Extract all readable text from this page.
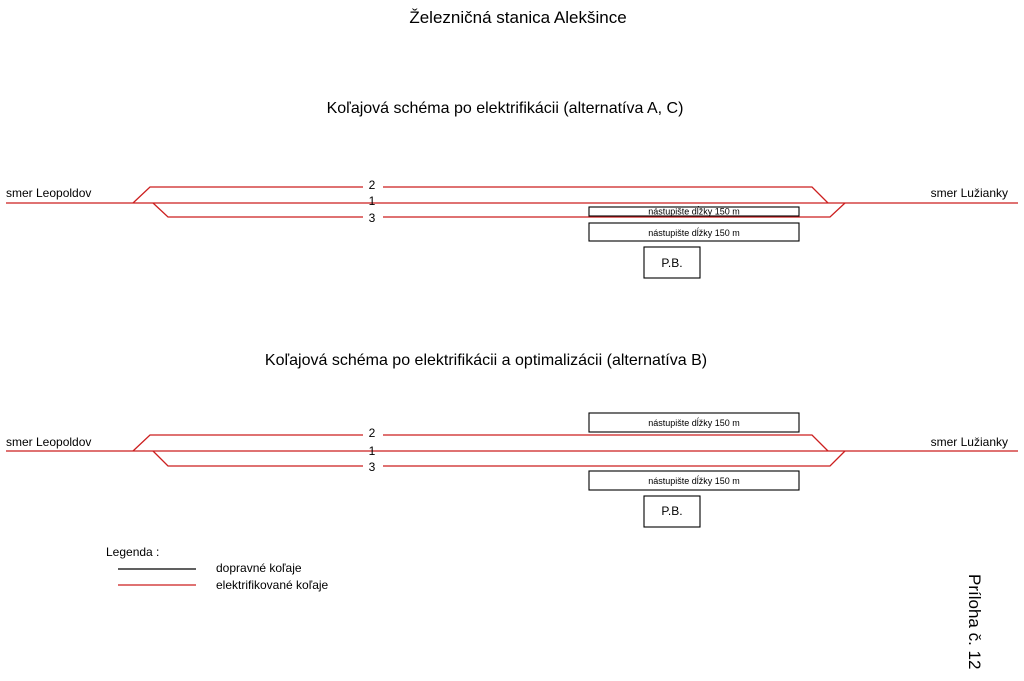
Železničná stanica Alekšince
Koľajová schéma po elektrifikácii (alternatíva A, C)
smer Leopoldov	smer Lužianky
2
1
3	nástupište dĺžky 150 m
nástupište dĺžky 150 m
P.B.
Koľajová schéma po elektrifikácii a optimalizácii (alternatíva B)
smer Leopoldov	smer Lužianky
nástupište dĺžky 150 m
2
1
3
nástupište dĺžky 150 m
P.B.
Legenda :
dopravné koľaje
elektrifikované koľaje	Príloha č. 12
